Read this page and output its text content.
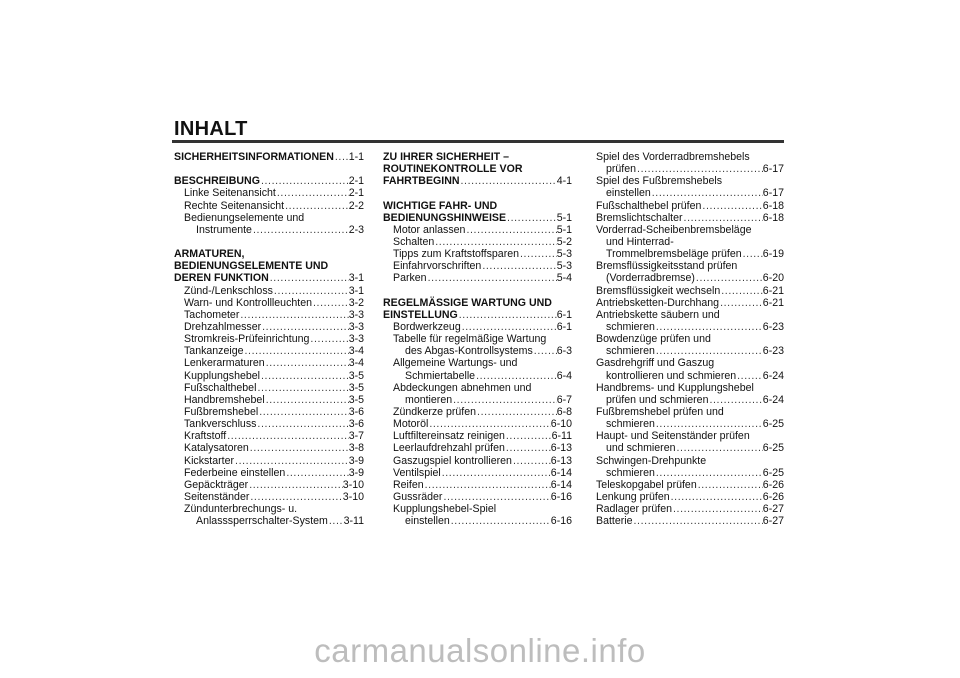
INHALT
SICHERHEITSINFORMATIONEN ..... 1-1
BESCHREIBUNG .....	2-1
Linke Seitenansicht .....	2-1
Rechte Seitenansicht .....	2-2
Bedienungselemente und
Instrumente .....	2-3
ARMATUREN,
BEDIENUNGSELEMENTE UND
DEREN FUNKTION .....	3-1
Zünd-/Lenkschloss .....	3-1
Warn- und Kontrollleuchten .....	3-2
Tachometer .....	3-3
Drehzahlmesser .....	3-3
Stromkreis-Prüfeinrichtung .....	3-3
Tankanzeige .....	3-4
Lenkerarmaturen .....	3-4
Kupplungshebel .....	3-5
Fußschalthebel .....	3-5
Handbremshebel .....	3-5
Fußbremshebel .....	3-6
Tankverschluss .....	3-6
Kraftstoff .....	3-7
Katalysatoren .....	3-8
Kickstarter .....	3-9
Federbeine einstellen .....	3-9
Gepäckträger .....	3-10
Seitenständer .....	3-10
Zündunterbrechungs- u.
Anlasssperrschalter-System ..... 3-11
ZU IHRER SICHERHEIT –
ROUTINEKONTROLLE VOR
FAHRTBEGINN .....	4-1
WICHTIGE FAHR- UND
BEDIENUNGSHINWEISE .....	5-1
Motor anlassen .....	5-1
Schalten .....	5-2
Tipps zum Kraftstoffsparen .....	5-3
Einfahrvorschriften .....	5-3
Parken .....	5-4
REGELMÄSSIGE WARTUNG UND
EINSTELLUNG .....	6-1
Bordwerkzeug .....	6-1
Tabelle für regelmäßige Wartung
des Abgas-Kontrollsystems ..... 6-3
Allgemeine Wartungs- und
Schmiertabelle .....	6-4
Abdeckungen abnehmen und
montieren .....	6-7
Zündkerze prüfen .....	6-8
Motoröl .....	6-10
Luftfiltereinsatz reinigen .....	6-11
Leerlaufdrehzahl prüfen .....	6-13
Gaszugspiel kontrollieren .....	6-13
Ventilspiel .....	6-14
Reifen .....	6-14
Gussräder .....	6-16
Kupplungshebel-Spiel
einstellen .....	6-16
Spiel des Vorderradbremshebels
prüfen .....	6-17
Spiel des Fußbremshebels
einstellen .....	6-17
Fußschalthebel prüfen .....	6-18
Bremslichtschalter .....	6-18
Vorderrad-Scheibenbremsbeläge
und Hinterrad-
Trommelbremsbeläge prüfen ..... 6-19
Bremsflüssigkeitsstand prüfen
(Vorderradbremse) .....	6-20
Bremsflüssigkeit wechseln .....	6-21
Antriebsketten-Durchhang .....	6-21
Antriebskette säubern und
schmieren .....	6-23
Bowdenzüge prüfen und
schmieren .....	6-23
Gasdrehgriff und Gaszug
kontrollieren und schmieren .....	6-24
Handbrems- und Kupplungshebel
prüfen und schmieren .....	6-24
Fußbremshebel prüfen und
schmieren .....	6-25
Haupt- und Seitenständer prüfen
und schmieren .....	6-25
Schwingen-Drehpunkte
schmieren .....	6-25
Teleskopgabel prüfen .....	6-26
Lenkung prüfen .....	6-26
Radlager prüfen .....	6-27
Batterie .....	6-27
carmanualsonline.info
